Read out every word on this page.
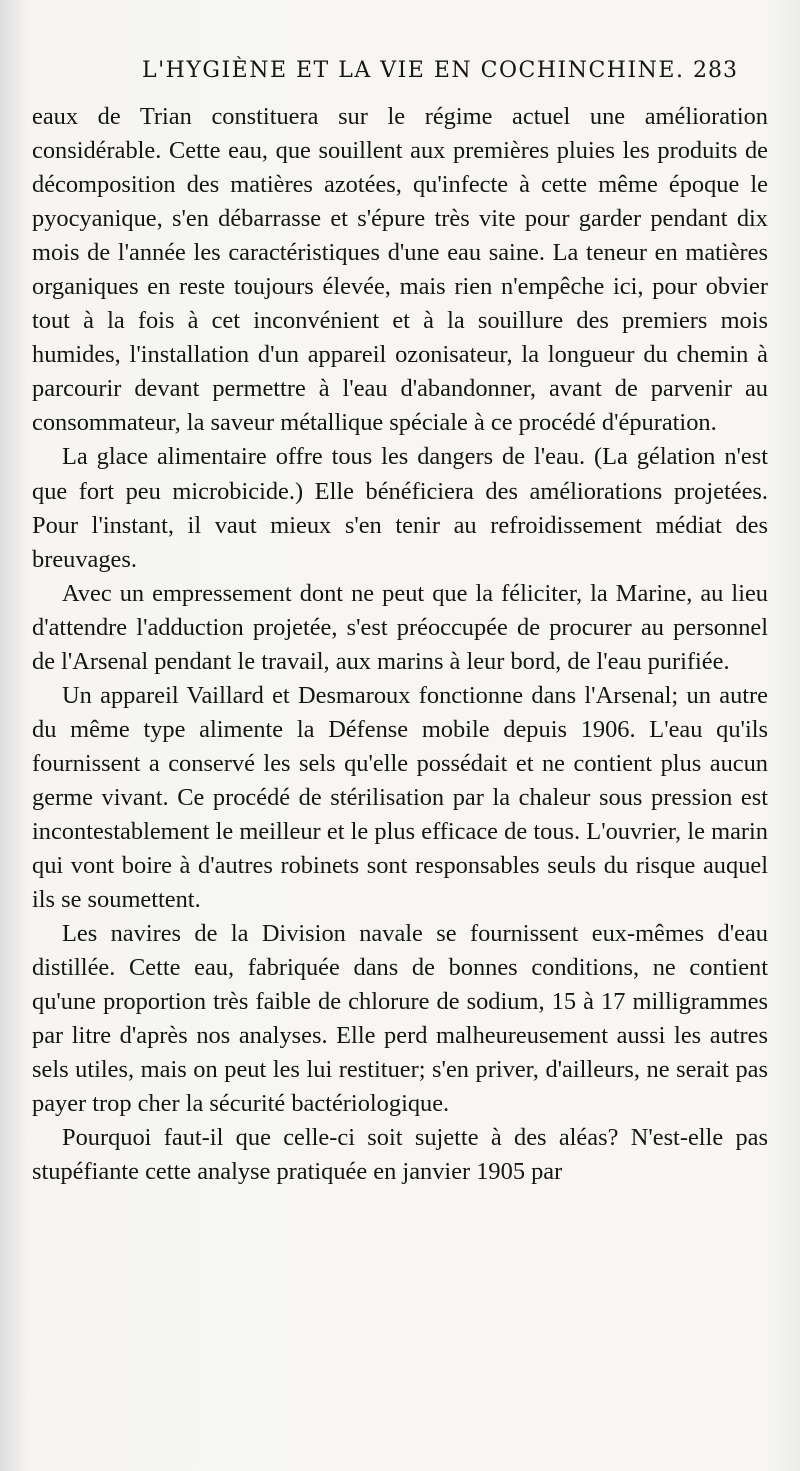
L'HYGIÈNE ET LA VIE EN COCHINCHINE. 283

eaux de Trian constituera sur le régime actuel une amélioration considérable. Cette eau, que souillent aux premières pluies les produits de décomposition des matières azotées, qu'infecte à cette même époque le pyocyanique, s'en débarrasse et s'épure très vite pour garder pendant dix mois de l'année les caractéristiques d'une eau saine. La teneur en matières organiques en reste toujours élevée, mais rien n'empêche ici, pour obvier tout à la fois à cet inconvénient et à la souillure des premiers mois humides, l'installation d'un appareil ozonisateur, la longueur du chemin à parcourir devant permettre à l'eau d'abandonner, avant de parvenir au consommateur, la saveur métallique spéciale à ce procédé d'épuration.

La glace alimentaire offre tous les dangers de l'eau. (La gélation n'est que fort peu microbicide.) Elle bénéficiera des améliorations projetées. Pour l'instant, il vaut mieux s'en tenir au refroidissement médiat des breuvages.

Avec un empressement dont ne peut que la féliciter, la Marine, au lieu d'attendre l'adduction projetée, s'est préoccupée de procurer au personnel de l'Arsenal pendant le travail, aux marins à leur bord, de l'eau purifiée.

Un appareil Vaillard et Desmaroux fonctionne dans l'Arsenal; un autre du même type alimente la Défense mobile depuis 1906. L'eau qu'ils fournissent a conservé les sels qu'elle possédait et ne contient plus aucun germe vivant. Ce procédé de stérilisation par la chaleur sous pression est incontestablement le meilleur et le plus efficace de tous. L'ouvrier, le marin qui vont boire à d'autres robinets sont responsables seuls du risque auquel ils se soumettent.

Les navires de la Division navale se fournissent eux-mêmes d'eau distillée. Cette eau, fabriquée dans de bonnes conditions, ne contient qu'une proportion très faible de chlorure de sodium, 15 à 17 milligrammes par litre d'après nos analyses. Elle perd malheureusement aussi les autres sels utiles, mais on peut les lui restituer; s'en priver, d'ailleurs, ne serait pas payer trop cher la sécurité bactériologique.

Pourquoi faut-il que celle-ci soit sujette à des aléas? N'est-elle pas stupéfiante cette analyse pratiquée en janvier 1905 par
